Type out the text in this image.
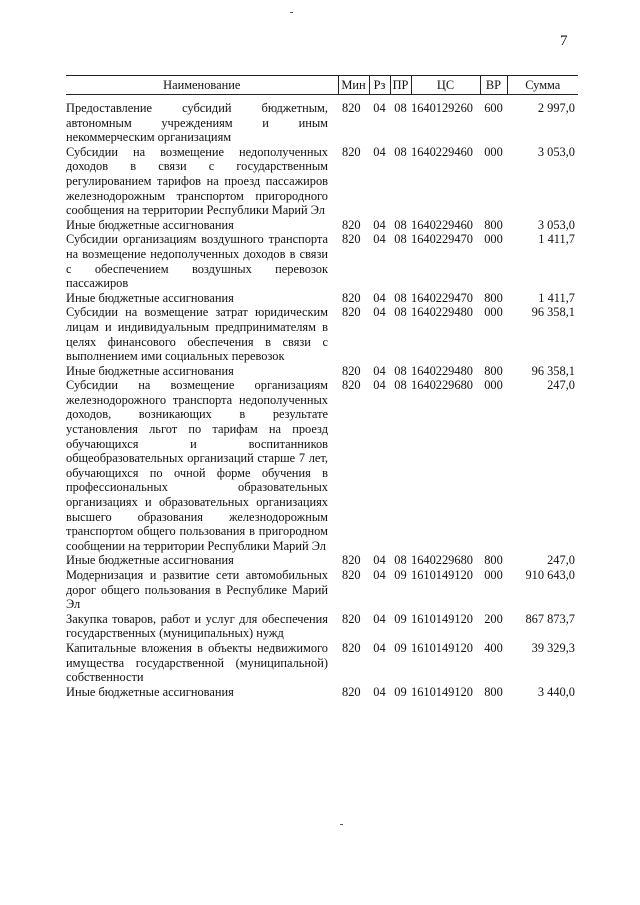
7
Наименование	Мин	Рз	ПР	ЦС	ВР	Сумма
Предоставление субсидий бюджетным, автономным учреждениям и иным некоммерческим организациям	820	04	08	1640129260	600	2 997,0
Субсидии на возмещение недополученных доходов в связи с государственным регулированием тарифов на проезд пассажиров железнодорожным транспортом пригородного сообщения на территории Республики Марий Эл	820	04	08	1640229460	000	3 053,0
Иные бюджетные ассигнования	820	04	08	1640229460	800	3 053,0
Субсидии организациям воздушного транспорта на возмещение недополученных доходов в связи с обеспечением воздушных перевозок пассажиров	820	04	08	1640229470	000	1 411,7
Иные бюджетные ассигнования	820	04	08	1640229470	800	1 411,7
Субсидии на возмещение затрат юридическим лицам и индивидуальным предпринимателям в целях финансового обеспечения в связи с выполнением ими социальных перевозок	820	04	08	1640229480	000	96 358,1
Иные бюджетные ассигнования	820	04	08	1640229480	800	96 358,1
Субсидии на возмещение организациям железнодорожного транспорта недополученных доходов, возникающих в результате установления льгот по тарифам на проезд обучающихся и воспитанников общеобразовательных организаций старше 7 лет, обучающихся по очной форме обучения в профессиональных образовательных организациях и образовательных организациях высшего образования железнодорожным транспортом общего пользования в пригородном сообщении на территории Республики Марий Эл	820	04	08	1640229680	000	247,0
Иные бюджетные ассигнования	820	04	08	1640229680	800	247,0
Модернизация и развитие сети автомобильных дорог общего пользования в Республике Марий Эл	820	04	09	1610149120	000	910 643,0
Закупка товаров, работ и услуг для обеспечения государственных (муниципальных) нужд	820	04	09	1610149120	200	867 873,7
Капитальные вложения в объекты недвижимого имущества государственной (муниципальной) собственности	820	04	09	1610149120	400	39 329,3
Иные бюджетные ассигнования	820	04	09	1610149120	800	3 440,0
